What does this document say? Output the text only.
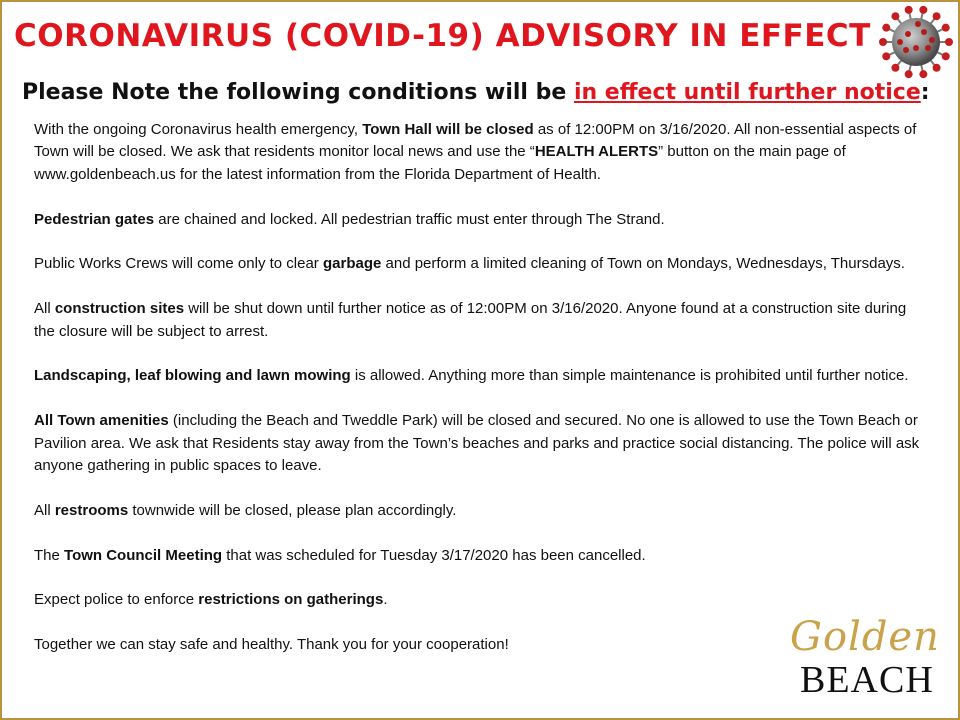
CORONAVIRUS (COVID-19) ADVISORY IN EFFECT
Please Note the following conditions will be in effect until further notice:

With the ongoing Coronavirus health emergency, Town Hall will be closed as of 12:00PM on 3/16/2020. All non-essential aspects of Town will be closed. We ask that residents monitor local news and use the “HEALTH ALERTS” button on the main page of www.goldenbeach.us for the latest information from the Florida Department of Health.

Pedestrian gates are chained and locked. All pedestrian traffic must enter through The Strand.

Public Works Crews will come only to clear garbage and perform a limited cleaning of Town on Mondays, Wednesdays, Thursdays.

All construction sites will be shut down until further notice as of 12:00PM on 3/16/2020. Anyone found at a construction site during the closure will be subject to arrest.

Landscaping, leaf blowing and lawn mowing is allowed. Anything more than simple maintenance is prohibited until further notice.

All Town amenities (including the Beach and Tweddle Park) will be closed and secured. No one is allowed to use the Town Beach or Pavilion area. We ask that Residents stay away from the Town’s beaches and parks and practice social distancing. The police will ask anyone gathering in public spaces to leave.

All restrooms townwide will be closed, please plan accordingly.

The Town Council Meeting that was scheduled for Tuesday 3/17/2020 has been cancelled.

Expect police to enforce restrictions on gatherings.

Together we can stay safe and healthy. Thank you for your cooperation!	Golden
BEACH
